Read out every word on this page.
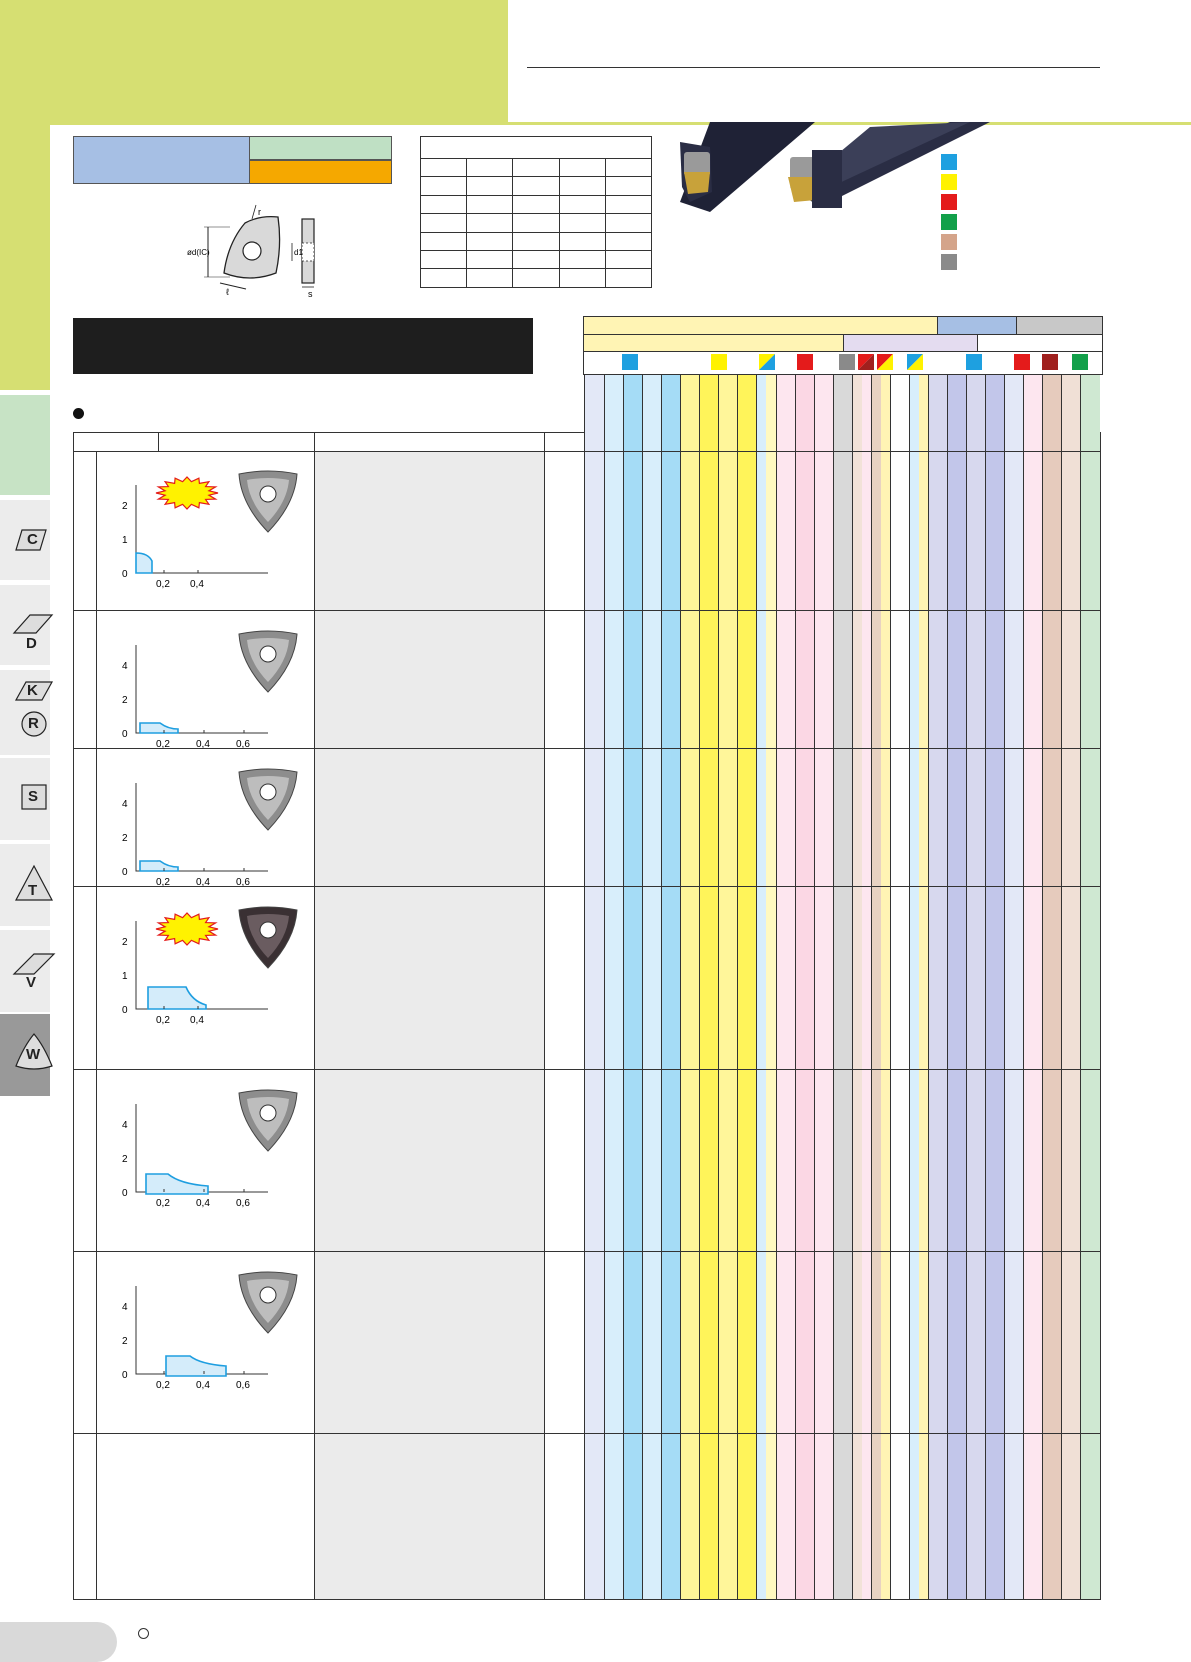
C
D
K
R
S
T
V
W
r
ød(IC)
ℓ
d1
s

2
1
0
0,2 0,4
4
2
0
0,2	0,4	0,6
4
2
0
0,2	0,4	0,6
2
1
0
0,2 0,4
4
2
0
0,2	0,4	0,6
4
2
0
0,2	0,4	0,6
